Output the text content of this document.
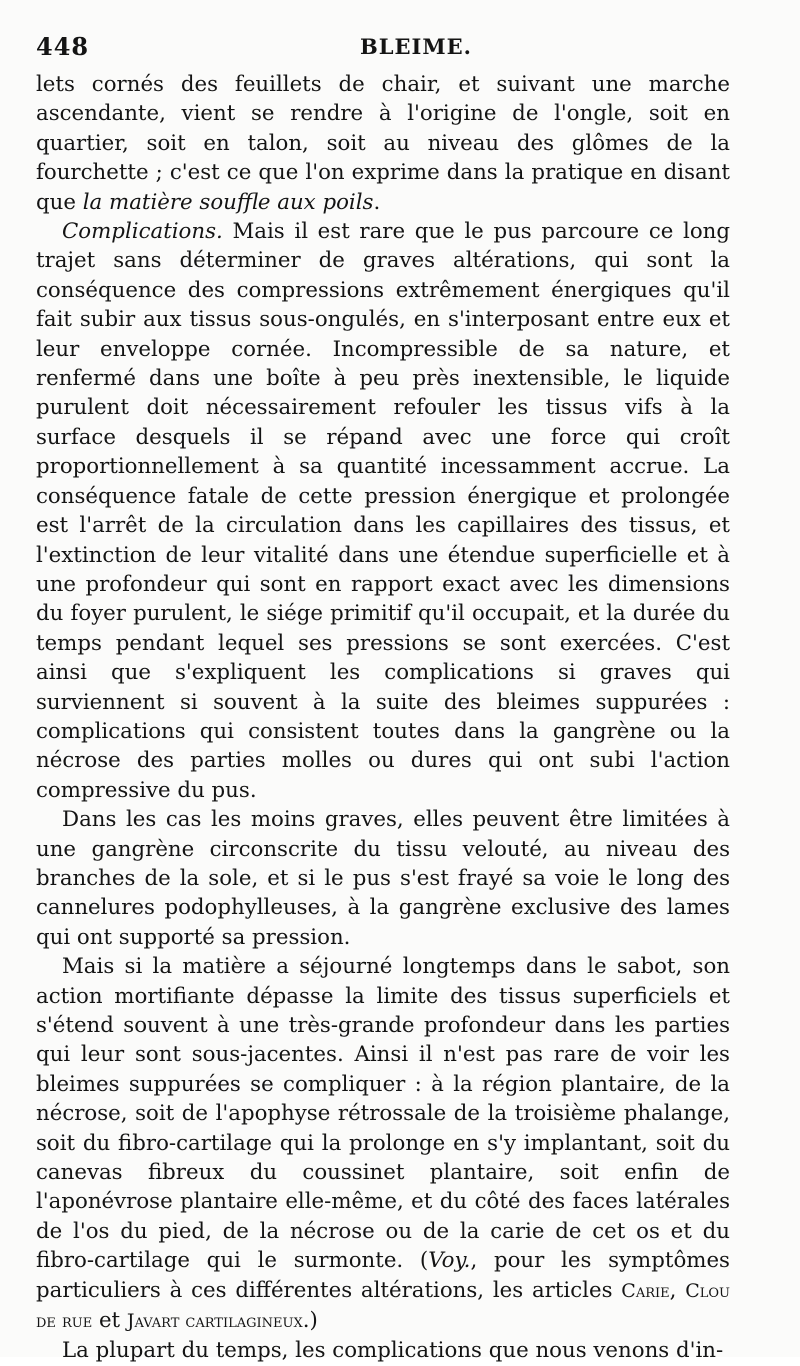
448	BLEIME.

lets cornés des feuillets de chair, et suivant une marche ascendante, vient se rendre à l'origine de l'ongle, soit en quartier, soit en talon, soit au niveau des glômes de la fourchette ; c'est ce que l'on exprime dans la pratique en disant que la matière souffle aux poils.

Complications. Mais il est rare que le pus parcoure ce long trajet sans déterminer de graves altérations, qui sont la conséquence des compressions extrêmement énergiques qu'il fait subir aux tissus sous-ongulés, en s'interposant entre eux et leur enveloppe cornée. Incompressible de sa nature, et renfermé dans une boîte à peu près inextensible, le liquide purulent doit nécessairement refouler les tissus vifs à la surface desquels il se répand avec une force qui croît proportionnellement à sa quantité incessamment accrue. La conséquence fatale de cette pression énergique et prolongée est l'arrêt de la circulation dans les capillaires des tissus, et l'extinction de leur vitalité dans une étendue superficielle et à une profondeur qui sont en rapport exact avec les dimensions du foyer purulent, le siége primitif qu'il occupait, et la durée du temps pendant lequel ses pressions se sont exercées. C'est ainsi que s'expliquent les complications si graves qui surviennent si souvent à la suite des bleimes suppurées : complications qui consistent toutes dans la gangrène ou la nécrose des parties molles ou dures qui ont subi l'action compressive du pus.

Dans les cas les moins graves, elles peuvent être limitées à une gangrène circonscrite du tissu velouté, au niveau des branches de la sole, et si le pus s'est frayé sa voie le long des cannelures podophylleuses, à la gangrène exclusive des lames qui ont supporté sa pression.

Mais si la matière a séjourné longtemps dans le sabot, son action mortifiante dépasse la limite des tissus superficiels et s'étend souvent à une très-grande profondeur dans les parties qui leur sont sous-jacentes. Ainsi il n'est pas rare de voir les bleimes suppurées se compliquer : à la région plantaire, de la nécrose, soit de l'apophyse rétrossale de la troisième phalange, soit du fibro-cartilage qui la prolonge en s'y implantant, soit du canevas fibreux du coussinet plantaire, soit enfin de l'aponévrose plantaire elle-même, et du côté des faces latérales de l'os du pied, de la nécrose ou de la carie de cet os et du fibro-cartilage qui le surmonte. (Voy., pour les symptômes particuliers à ces différentes altérations, les articles Carie, Clou de rue et Javart cartilagineux.)

La plupart du temps, les complications que nous venons d'in-
